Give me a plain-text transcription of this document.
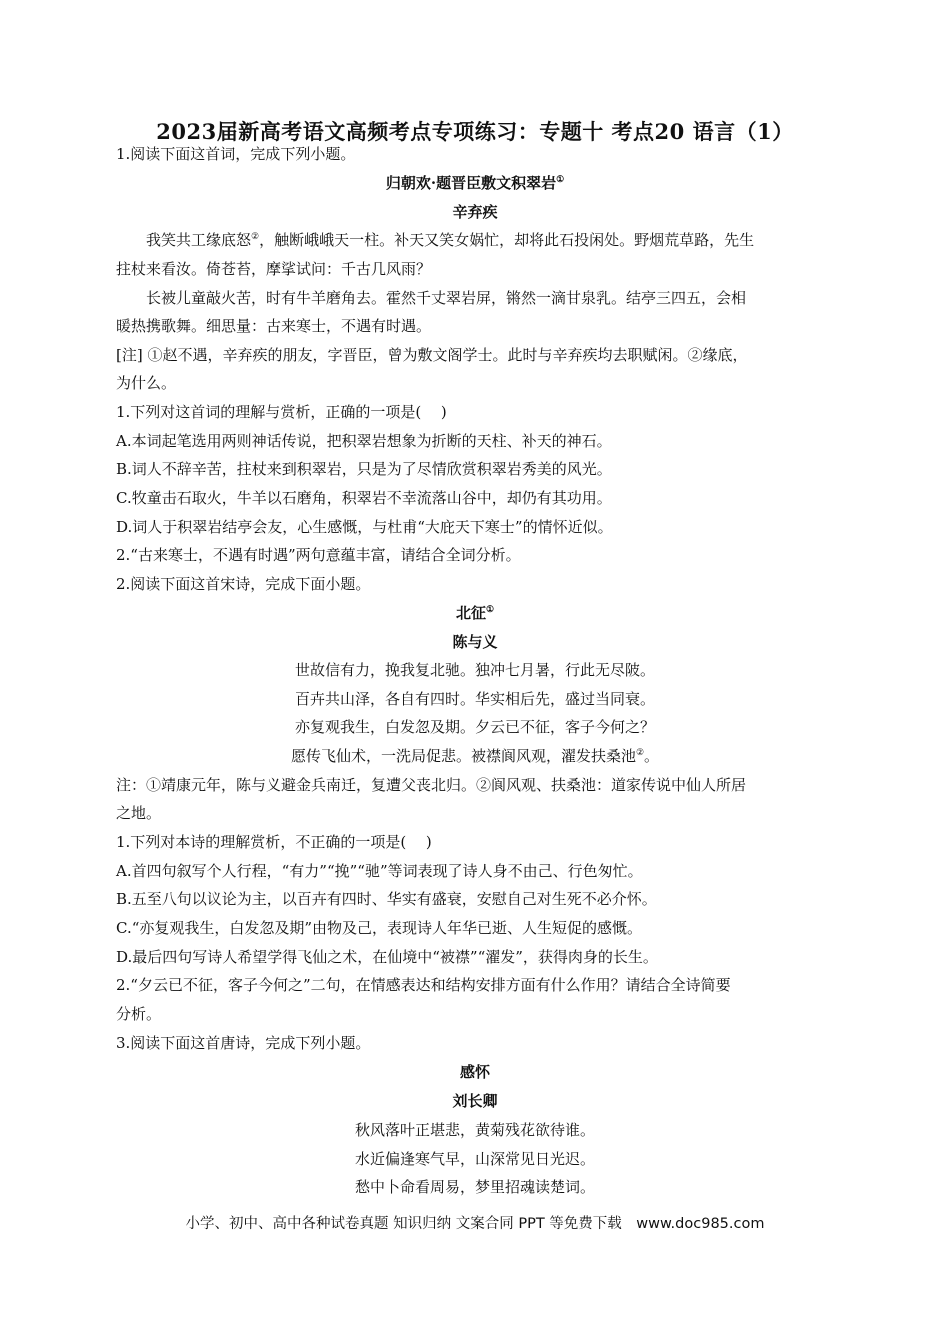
2023届新高考语文高频考点专项练习：专题十 考点20 语言（1）
1.阅读下面这首词，完成下列小题。
归朝欢·题晋臣敷文积翠岩①
辛弃疾
我笑共工缘底怒②，触断峨峨天一柱。补天又笑女娲忙，却将此石投闲处。野烟荒草路，先生
拄杖来看汝。倚苍苔，摩挲试问：千古几风雨？
长被儿童敲火苦，时有牛羊磨角去。霍然千丈翠岩屏，锵然一滴甘泉乳。结亭三四五，会相
暖热携歌舞。细思量：古来寒士，不遇有时遇。
[注] ①赵不遇，辛弃疾的朋友，字晋臣，曾为敷文阁学士。此时与辛弃疾均去职赋闲。②缘底，
为什么。
1.下列对这首词的理解与赏析，正确的一项是(　 )
A.本词起笔选用两则神话传说，把积翠岩想象为折断的天柱、补天的神石。
B.词人不辞辛苦，拄杖来到积翠岩，只是为了尽情欣赏积翠岩秀美的风光。
C.牧童击石取火，牛羊以石磨角，积翠岩不幸流落山谷中，却仍有其功用。
D.词人于积翠岩结亭会友，心生感慨，与杜甫“大庇天下寒士”的情怀近似。
2.“古来寒士，不遇有时遇”两句意蕴丰富，请结合全词分析。
2.阅读下面这首宋诗，完成下面小题。
北征①
陈与义
世故信有力，挽我复北驰。独冲七月暑，行此无尽陂。
百卉共山泽，各自有四时。华实相后先，盛过当同衰。
亦复观我生，白发忽及期。夕云已不征，客子今何之？
愿传飞仙术，一洗局促悲。被襟阆风观，濯发扶桑池②。
注：①靖康元年，陈与义避金兵南迁，复遭父丧北归。②阆风观、扶桑池：道家传说中仙人所居
之地。
1.下列对本诗的理解赏析，不正确的一项是(　 )
A.首四句叙写个人行程，“有力”“挽”“驰”等词表现了诗人身不由己、行色匆忙。
B.五至八句以议论为主，以百卉有四时、华实有盛衰，安慰自己对生死不必介怀。
C.“亦复观我生，白发忽及期”由物及己，表现诗人年华已逝、人生短促的感慨。
D.最后四句写诗人希望学得飞仙之术，在仙境中“被襟”“濯发”，获得肉身的长生。
2.“夕云已不征，客子今何之”二句，在情感表达和结构安排方面有什么作用？请结合全诗简要
分析。
3.阅读下面这首唐诗，完成下列小题。
感怀
刘长卿
秋风落叶正堪悲，黄菊残花欲待谁。
水近偏逢寒气早，山深常见日光迟。
愁中卜命看周易，梦里招魂读楚词。
小学、初中、高中各种试卷真题 知识归纳 文案合同 PPT 等免费下载　www.doc985.com
